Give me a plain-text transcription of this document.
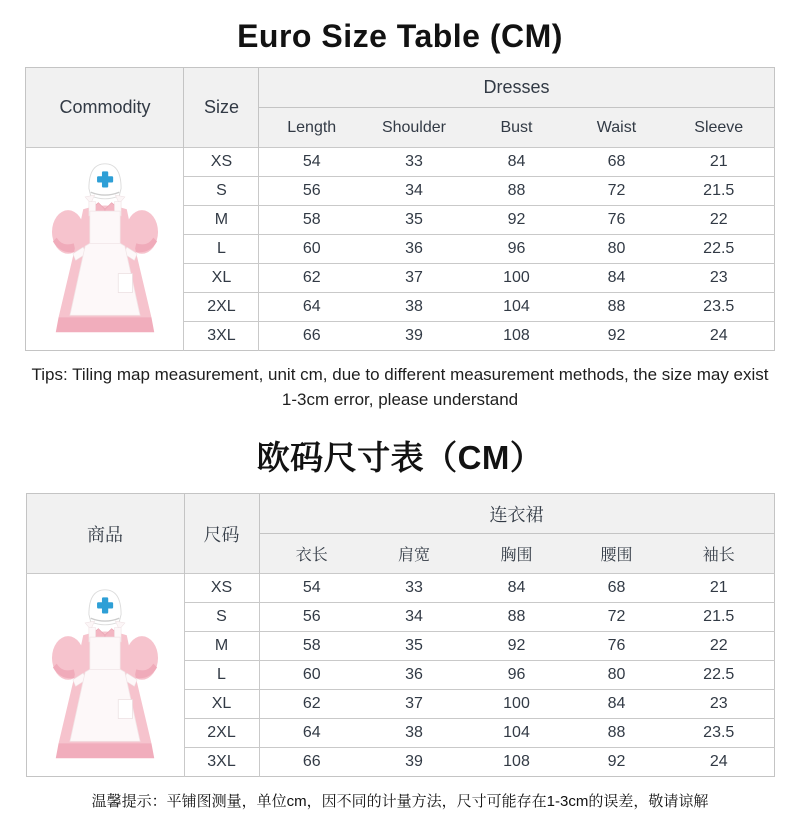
Euro Size Table (CM)
Commodity	Size	Dresses				
		Length	Shoulder	Bust	Waist	Sleeve

	XS	54	33	84	68	21
	S	56	34	88	72	21.5
	M	58	35	92	76	22
	L	60	36	96	80	22.5
	XL	62	37	100	84	23
	2XL	64	38	104	88	23.5
	3XL	66	39	108	92	24

Tips: Tiling map measurement, unit cm, due to different measurement methods, the size may exist 1-3cm error, please understand

欧码尺寸表（CM）
商品	尺码	连衣裙				
		衣长	肩宽	胸围	腰围	袖长

	XS	54	33	84	68	21
	S	56	34	88	72	21.5
	M	58	35	92	76	22
	L	60	36	96	80	22.5
	XL	62	37	100	84	23
	2XL	64	38	104	88	23.5
	3XL	66	39	108	92	24

温馨提示：平铺图测量，单位cm，因不同的计量方法，尺寸可能存在1-3cm的误差，敬请谅解
